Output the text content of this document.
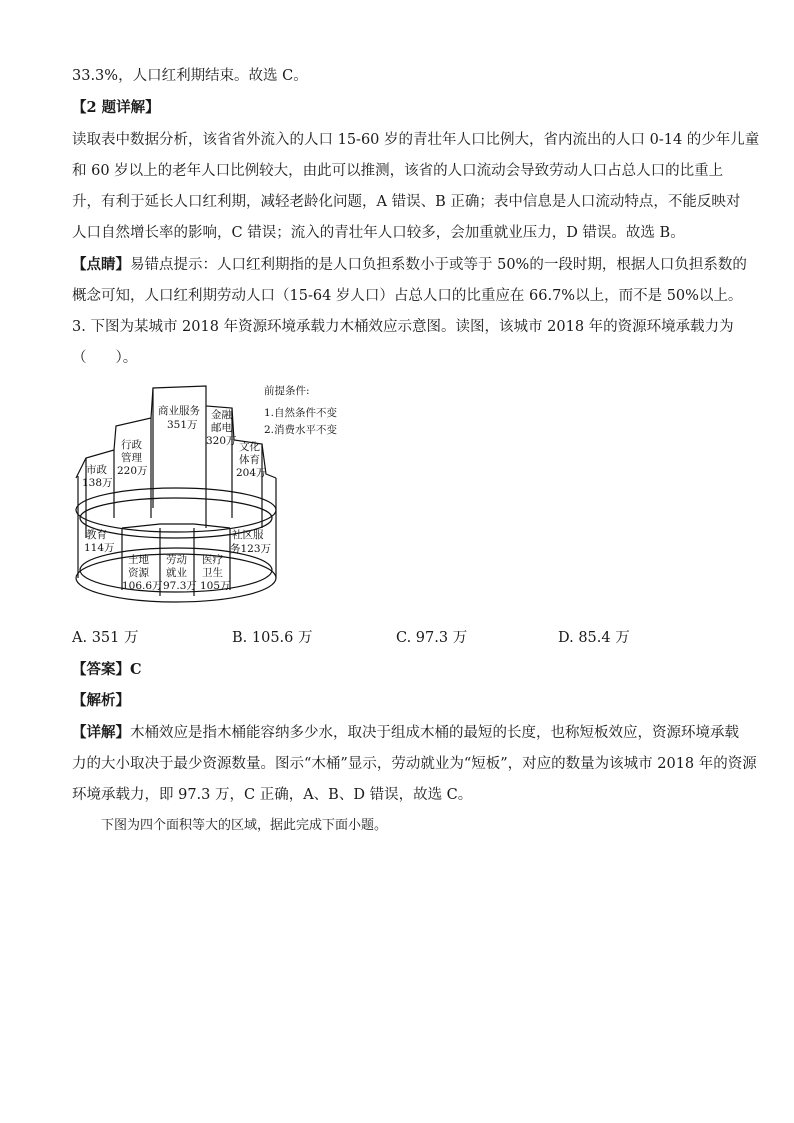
33.3%，人口红利期结束。故选 C。
【2 题详解】
读取表中数据分析，该省省外流入的人口 15-60 岁的青壮年人口比例大，省内流出的人口 0-14 的少年儿童
和 60 岁以上的老年人口比例较大，由此可以推测，该省的人口流动会导致劳动人口占总人口的比重上
升，有利于延长人口红利期，减轻老龄化问题，A 错误、B 正确；表中信息是人口流动特点，不能反映对
人口自然增长率的影响，C 错误；流入的青壮年人口较多，会加重就业压力，D 错误。故选 B。
【点睛】易错点提示：人口红利期指的是人口负担系数小于或等于 50%的一段时期，根据人口负担系数的
概念可知，人口红利期劳动人口（15-64 岁人口）占总人口的比重应在 66.7%以上，而不是 50%以上。
3. 下图为某城市 2018 年资源环境承载力木桶效应示意图。读图，该城市 2018 年的资源环境承载力为
（　　）。
前提条件:
1.自然条件不变
2.消费水平不变
商业服务
351万
金融
邮电
320万
行政
管理
220万
文化
体育
204万
市政
138万
社区服
务123万
教育
114万
土地
资源
106.6万
劳动
就业
97.3万
医疗
卫生
105万
A. 351 万	B. 105.6 万	C. 97.3 万	D. 85.4 万
【答案】C
【解析】
【详解】木桶效应是指木桶能容纳多少水，取决于组成木桶的最短的长度，也称短板效应，资源环境承载
力的大小取决于最少资源数量。图示“木桶”显示，劳动就业为“短板”，对应的数量为该城市 2018 年的资源
环境承载力，即 97.3 万，C 正确，A、B、D 错误，故选 C。
下图为四个面积等大的区域，据此完成下面小题。
